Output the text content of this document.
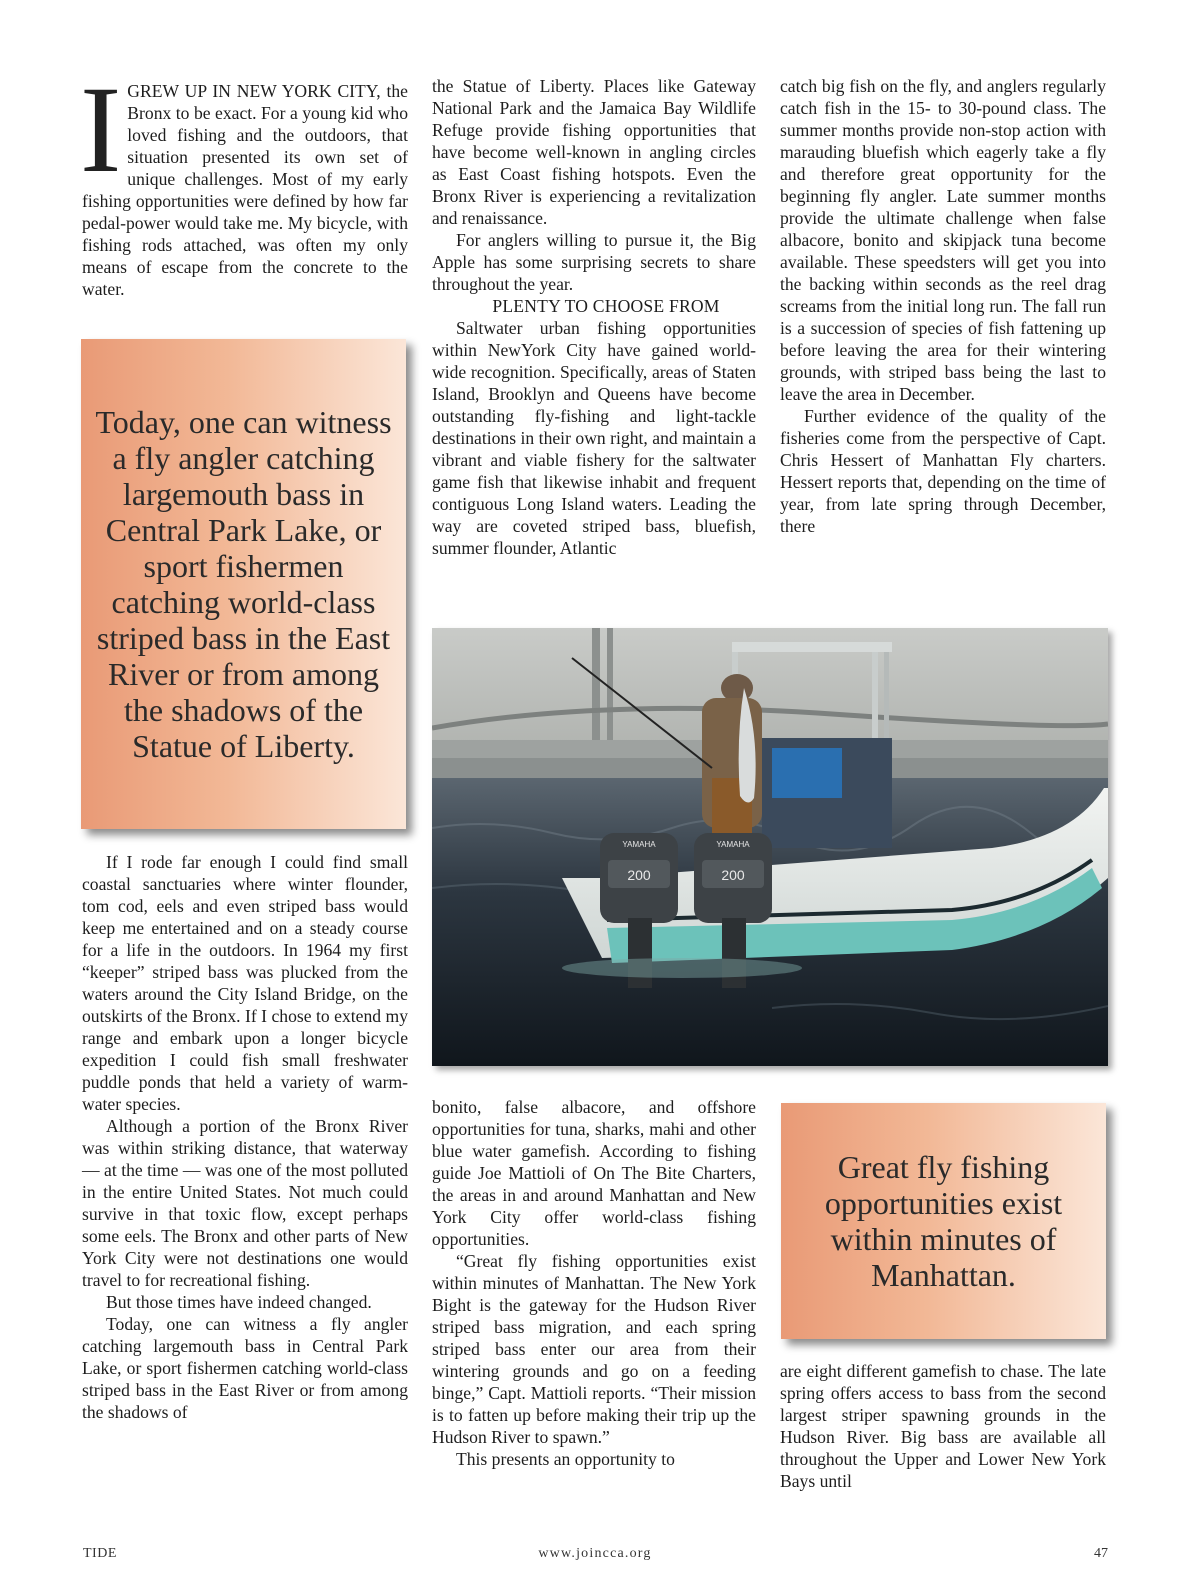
I GREW UP IN NEW YORK CITY, the Bronx to be exact. For a young kid who loved fishing and the outdoors, that situation presented its own set of unique challenges. Most of my early fishing opportunities were defined by how far pedal-power would take me. My bicycle, with fishing rods attached, was often my only means of escape from the concrete to the water.

Today, one can witness a fly angler catching largemouth bass in Central Park Lake, or sport fishermen catching world-class striped bass in the East River or from among the shadows of the Statue of Liberty.

If I rode far enough I could find small coastal sanctuaries where winter flounder, tom cod, eels and even striped bass would keep me entertained and on a steady course for a life in the outdoors. In 1964 my first “keeper” striped bass was plucked from the waters around the City Island Bridge, on the outskirts of the Bronx. If I chose to extend my range and embark upon a longer bicycle expedition I could fish small freshwater puddle ponds that held a variety of warm-water species.

Although a portion of the Bronx River was within striking distance, that waterway — at the time — was one of the most polluted in the entire United States. Not much could survive in that toxic flow, except perhaps some eels. The Bronx and other parts of New York City were not destinations one would travel to for recreational fishing.

But those times have indeed changed.

Today, one can witness a fly angler catching largemouth bass in Central Park Lake, or sport fishermen catching world-class striped bass in the East River or from among the shadows of

the Statue of Liberty. Places like Gateway National Park and the Jamaica Bay Wildlife Refuge provide fishing opportunities that have become well-known in angling circles as East Coast fishing hotspots. Even the Bronx River is experiencing a revitalization and renaissance.

For anglers willing to pursue it, the Big Apple has some surprising secrets to share throughout the year.

PLENTY TO CHOOSE FROM

Saltwater urban fishing opportunities within NewYork City have gained world-wide recognition. Specifically, areas of Staten Island, Brooklyn and Queens have become outstanding fly-fishing and light-tackle destinations in their own right, and maintain a vibrant and viable fishery for the saltwater game fish that likewise inhabit and frequent contiguous Long Island waters. Leading the way are coveted striped bass, bluefish, summer flounder, Atlantic

YAMAHA	YAMAHA
200	200

bonito, false albacore, and offshore opportunities for tuna, sharks, mahi and other blue water gamefish. According to fishing guide Joe Mattioli of On The Bite Charters, the areas in and around Manhattan and New York City offer world-class fishing opportunities.

“Great fly fishing opportunities exist within minutes of Manhattan. The New York Bight is the gateway for the Hudson River striped bass migration, and each spring striped bass enter our area from their wintering grounds and go on a feeding binge,” Capt. Mattioli reports. “Their mission is to fatten up before making their trip up the Hudson River to spawn.”

This presents an opportunity to

catch big fish on the fly, and anglers regularly catch fish in the 15- to 30-pound class. The summer months provide non-stop action with marauding bluefish which eagerly take a fly and therefore great opportunity for the beginning fly angler. Late summer months provide the ultimate challenge when false albacore, bonito and skipjack tuna become available. These speedsters will get you into the backing within seconds as the reel drag screams from the initial long run. The fall run is a succession of species of fish fattening up before leaving the area for their wintering grounds, with striped bass being the last to leave the area in December.

Further evidence of the quality of the fisheries come from the perspective of Capt. Chris Hessert of Manhattan Fly charters. Hessert reports that, depending on the time of year, from late spring through December, there

Great fly fishing opportunities exist within minutes of Manhattan.

are eight different gamefish to chase. The late spring offers access to bass from the second largest striper spawning grounds in the Hudson River. Big bass are available all throughout the Upper and Lower New York Bays until

TIDE	www.joincca.org	47
